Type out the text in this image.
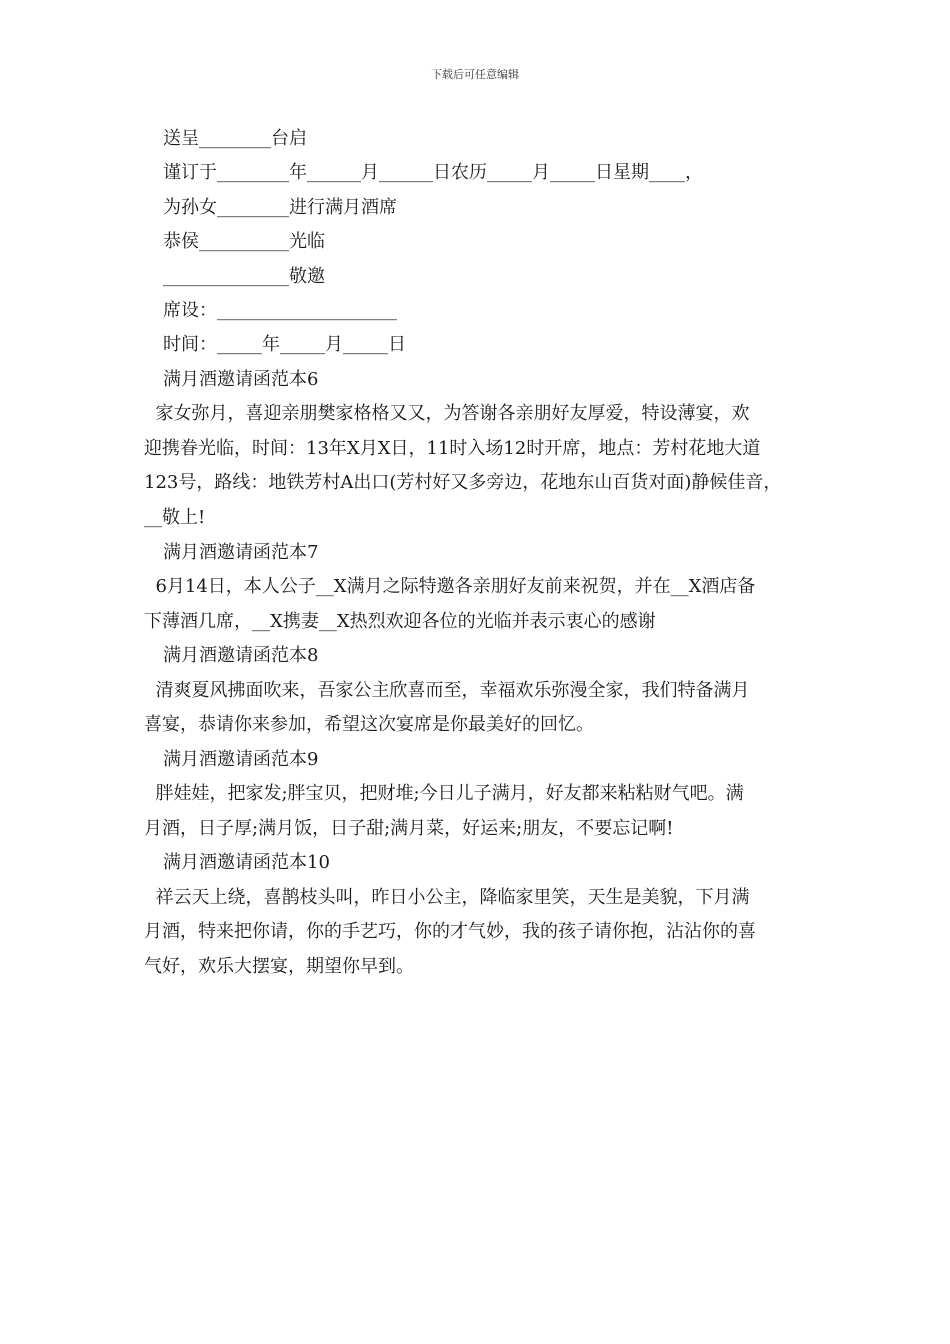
下载后可任意编辑

送呈________台启

谨订于________年______月______日农历_____月_____日星期____，

为孙女________进行满月酒席

恭侯__________光临

______________敬邀

席设：____________________

时间：_____年_____月_____日

满月酒邀请函范本6

家女弥月，喜迎亲朋樊家格格又又，为答谢各亲朋好友厚爱，特设薄宴，欢
迎携眷光临，时间：13年X月X日，11时入场12时开席，地点：芳村花地大道
123号，路线：地铁芳村A出口(芳村好又多旁边，花地东山百货对面)静候佳音，
__敬上!

满月酒邀请函范本7

6月14日，本人公子__X满月之际特邀各亲朋好友前来祝贺，并在__X酒店备
下薄酒几席，__X携妻__X热烈欢迎各位的光临并表示衷心的感谢

满月酒邀请函范本8

清爽夏风拂面吹来，吾家公主欣喜而至，幸福欢乐弥漫全家，我们特备满月
喜宴，恭请你来参加，希望这次宴席是你最美好的回忆。

满月酒邀请函范本9

胖娃娃，把家发;胖宝贝，把财堆;今日儿子满月，好友都来粘粘财气吧。满
月酒，日子厚;满月饭，日子甜;满月菜，好运来;朋友，不要忘记啊!

满月酒邀请函范本10

祥云天上绕，喜鹊枝头叫，昨日小公主，降临家里笑，天生是美貌，下月满
月酒，特来把你请，你的手艺巧，你的才气妙，我的孩子请你抱，沾沾你的喜
气好，欢乐大摆宴，期望你早到。
